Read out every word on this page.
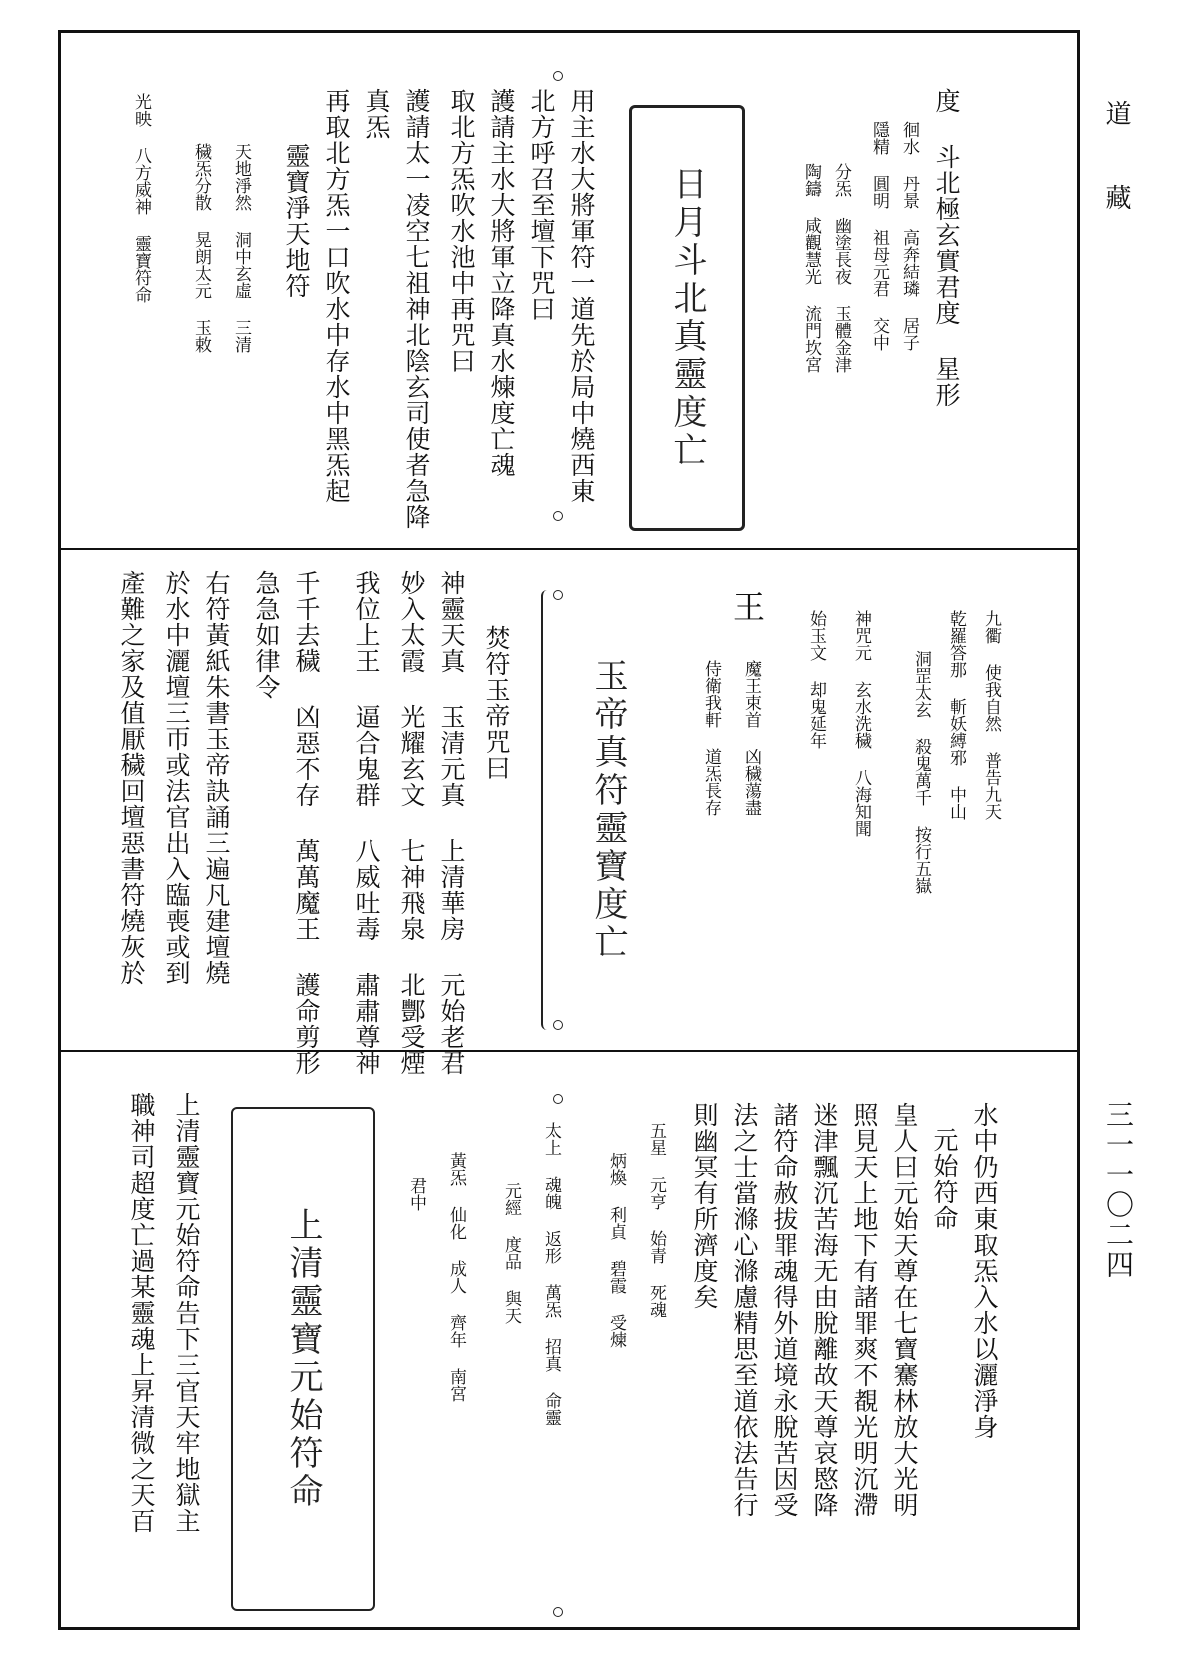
道 藏
三一一〇二四
度 斗北極玄實君度 星形
徊水 丹景 高奔結璘 居子
隱精 圓明 祖母元君 交中
分炁 幽塗長夜 玉體金津
陶鑄 咸觀慧光 流門坎宮
日月斗北真靈度亡
用主水大將軍符一道先於局中燒西東
北方呼召至壇下咒曰
護請主水大將軍立降真水煉度亡魂
取北方炁吹水池中再咒曰
護請太一凌空七祖神北陰玄司使者急降
真炁
再取北方炁一口吹水中存水中黑炁起
靈寶淨天地符
天地淨然 洞中玄虛 三清
穢炁分散 晃朗太元 玉敕
光映 八方威神 靈寶符命
九衢 使我自然 普告九天
乾羅答那 斬妖縛邪 中山
洞罡太玄 殺鬼萬千 按行五嶽
神咒元 玄水洗穢 八海知聞
始玉文 却鬼延年
王
魔王束首 凶穢蕩盡
侍衛我軒 道炁長存
玉帝真符靈寶度亡
焚符玉帝咒曰
神靈天真 玉清元真 上清華房 元始老君
妙入太霞 光耀玄文 七神飛泉 北酆受煙
我位上王 逼合鬼群 八威吐毒 肅肅尊神
千千去穢 凶惡不存 萬萬魔王 護命剪形
急急如律令
右符黃紙朱書玉帝訣誦三遍凡建壇燒
於水中灑壇三帀或法官出入臨喪或到
產難之家及值厭穢回壇惡書符燒灰於
水中仍西東取炁入水以灑淨身
元始符命
皇人曰元始天尊在七寶騫林放大光明
照見天上地下有諸罪爽不覩光明沉滯
迷津飄沉苦海无由脫離故天尊哀愍降
諸符命赦拔罪魂得外道境永脫苦因受
法之士當滌心滌慮精思至道依法告行
則幽冥有所濟度矣
五星 元亨 始青 死魂
炳煥 利貞 碧霞 受煉
太上 魂魄 返形 萬炁 招真 命靈
元經 度品 與天
黃炁 仙化 成人 齊年 南宮
君中
上清靈寶元始符命
上清靈寶元始符命告下三官天牢地獄主
職神司超度亡過某靈魂上昇清微之天百
